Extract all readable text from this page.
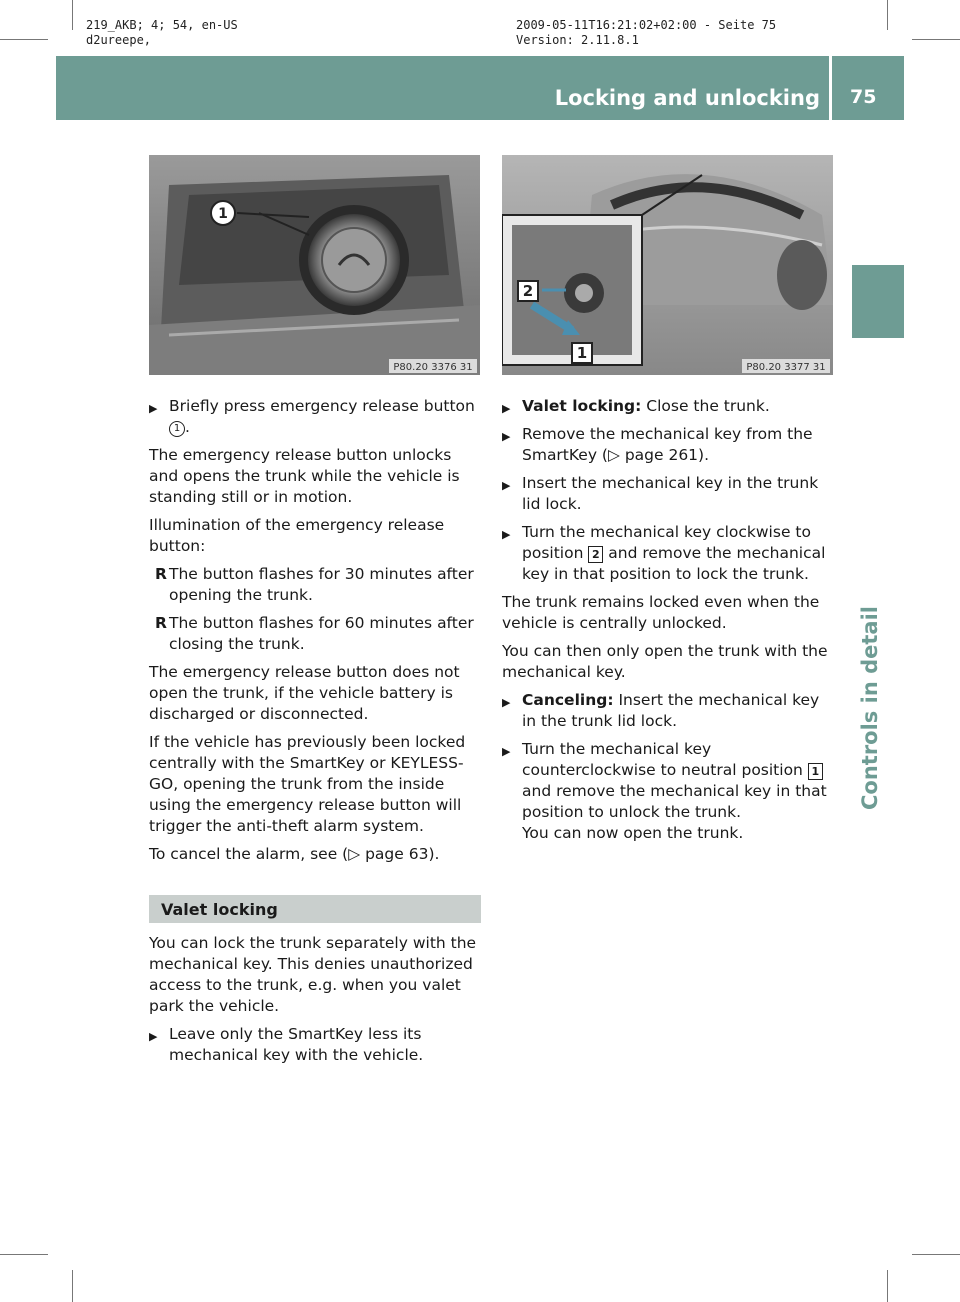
219_AKB; 4; 54, en-US
d2ureepe,
2009-05-11T16:21:02+02:00 - Seite 75
Version: 2.11.8.1
Locking and unlocking 75
Controls in detail
1
P80.20 3376 31
2
1
P80.20 3377 31
▶ Briefly press emergency release button 1 .

The emergency release button unlocks and opens the trunk while the vehicle is standing still or in motion.

Illumination of the emergency release button:

R The button flashes for 30 minutes after opening the trunk.
R The button flashes for 60 minutes after closing the trunk.

The emergency release button does not open the trunk, if the vehicle battery is discharged or disconnected.

If the vehicle has previously been locked centrally with the SmartKey or KEYLESS-GO, opening the trunk from the inside using the emergency release button will trigger the anti-theft alarm system.

To cancel the alarm, see (▷ page 63).

Valet locking

You can lock the trunk separately with the mechanical key. This denies unauthorized access to the trunk, e.g. when you valet park the vehicle.

▶ Leave only the SmartKey less its mechanical key with the vehicle.
▶ Valet locking: Close the trunk.
▶ Remove the mechanical key from the SmartKey (▷ page 261).
▶ Insert the mechanical key in the trunk lid lock.
▶ Turn the mechanical key clockwise to position 2 and remove the mechanical key in that position to lock the trunk.

The trunk remains locked even when the vehicle is centrally unlocked.

You can then only open the trunk with the mechanical key.

▶ Canceling: Insert the mechanical key in the trunk lid lock.
▶ Turn the mechanical key counterclockwise to neutral position 1 and remove the mechanical key in that position to unlock the trunk.
You can now open the trunk.
